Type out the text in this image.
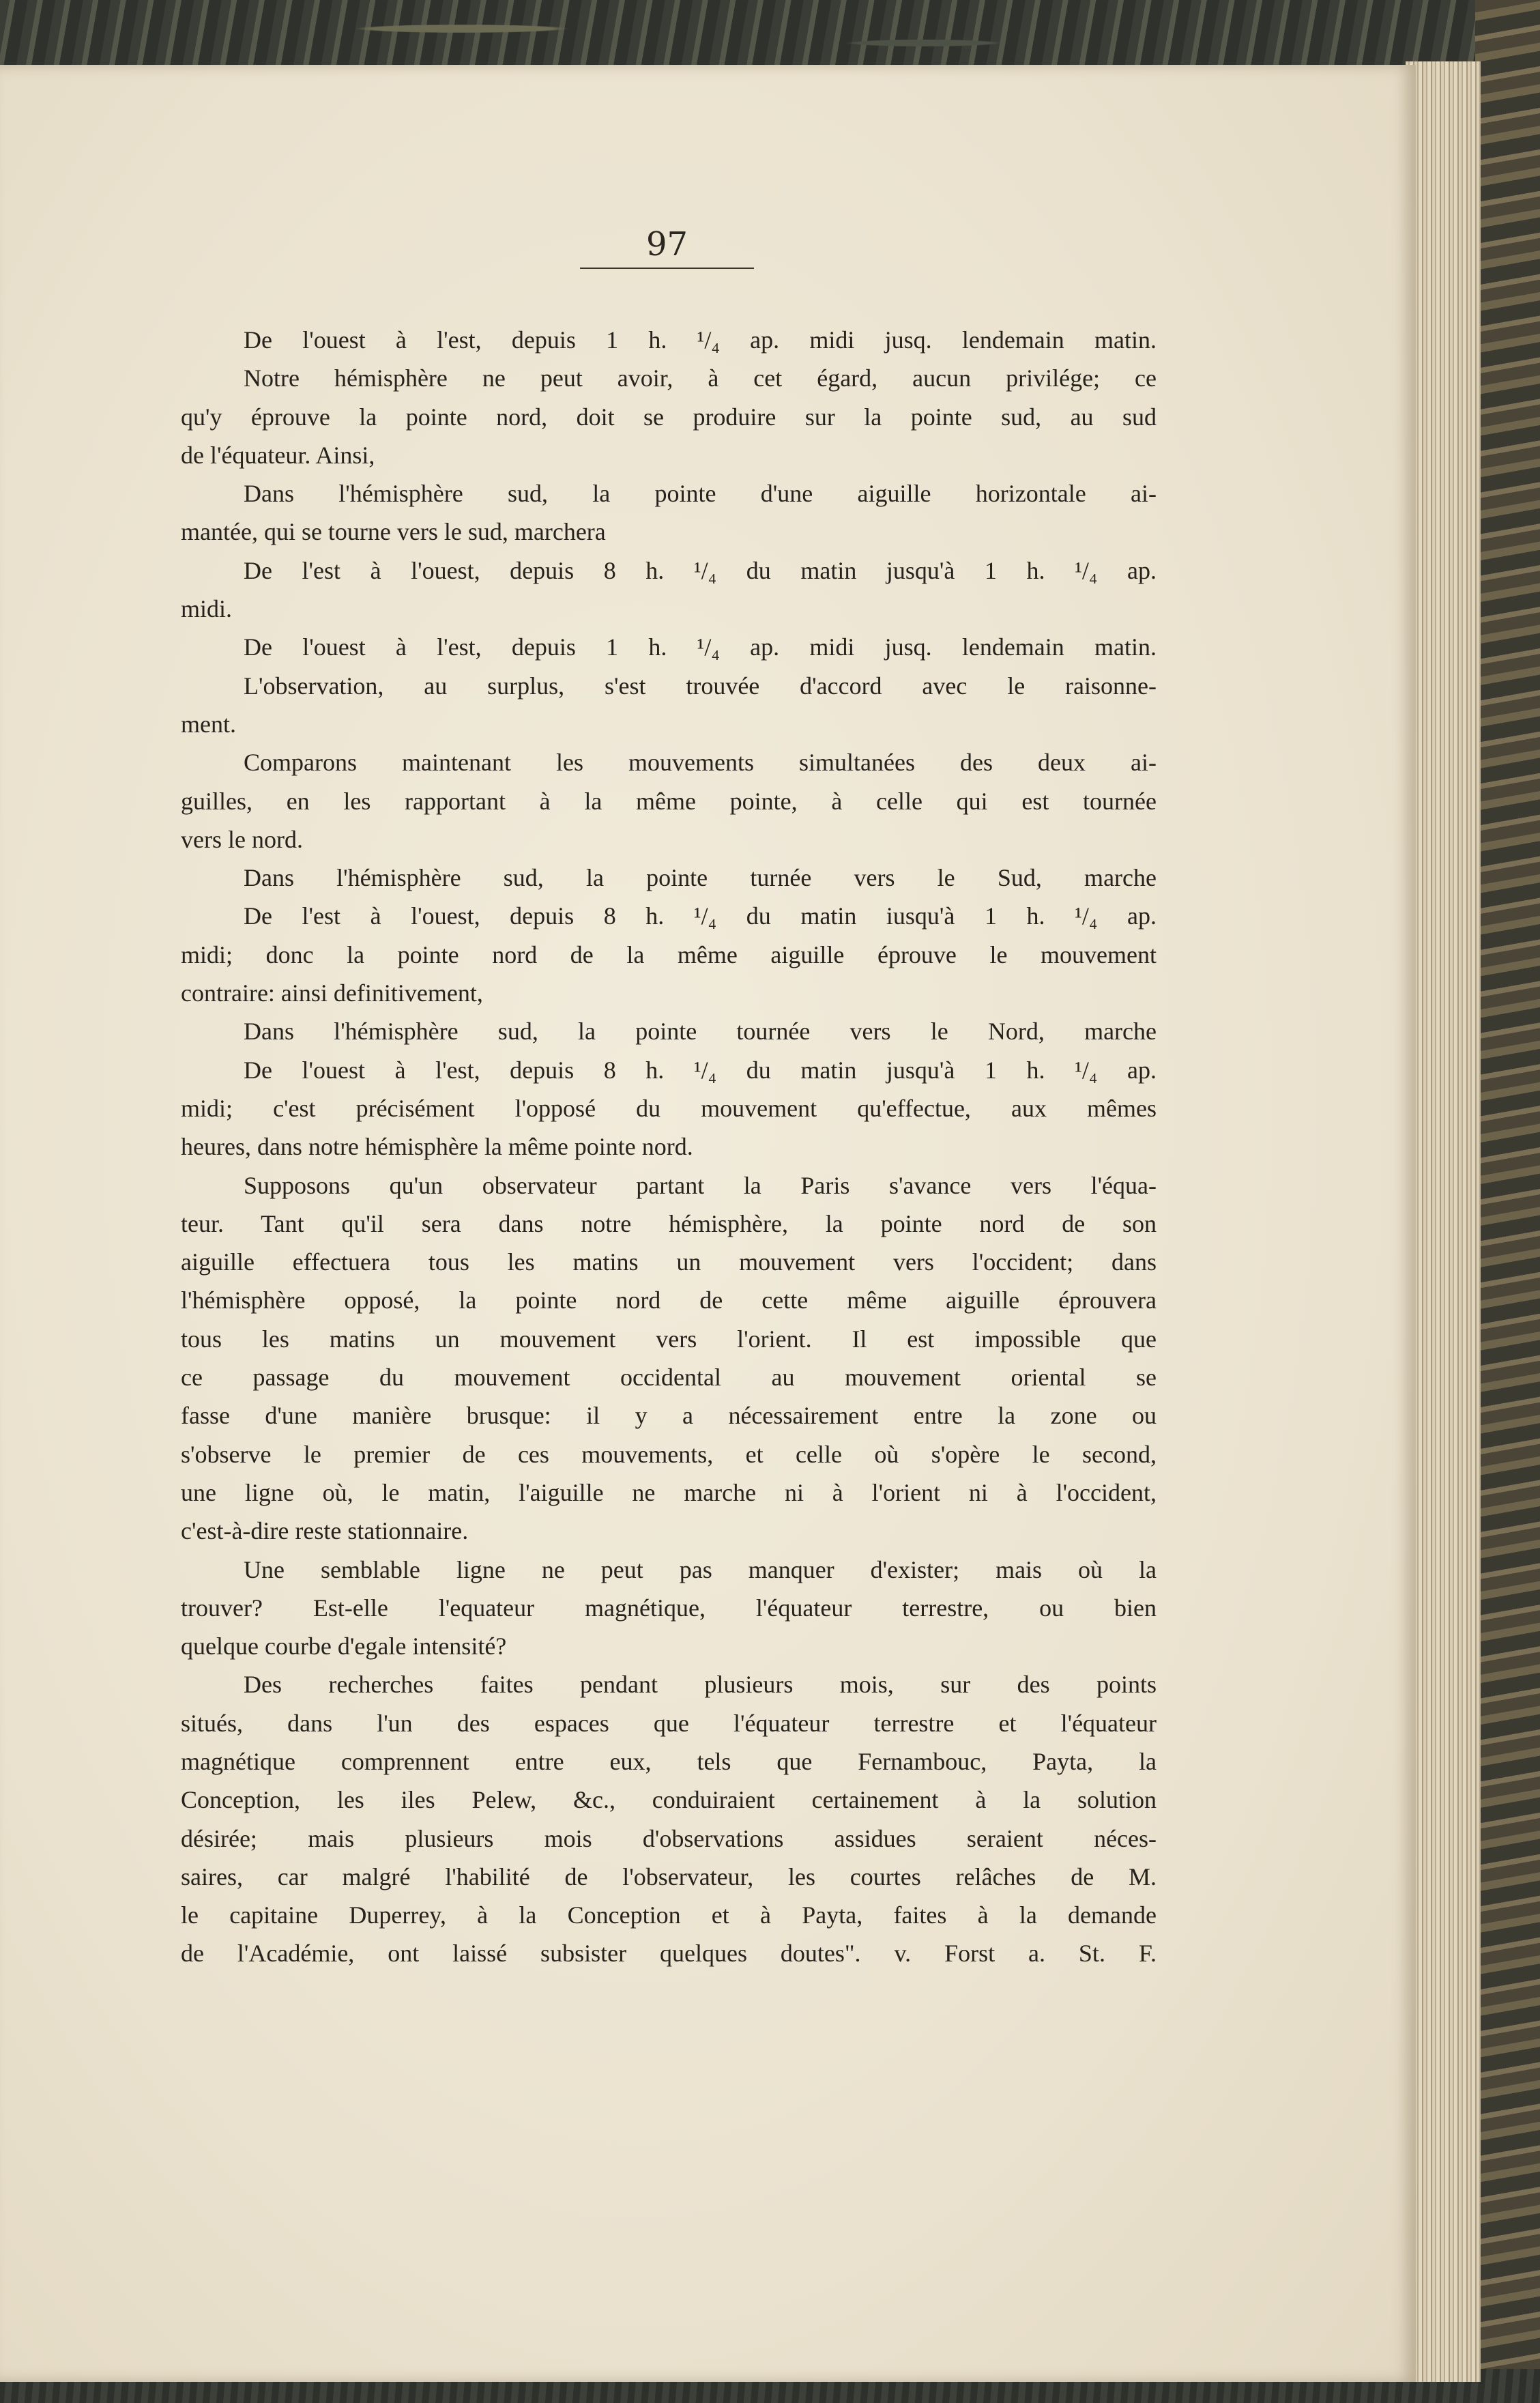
97
De l'ouest à l'est, depuis 1 h. ¹/₄ ap. midi jusq. lendemain matin.
Notre hémisphère ne peut avoir, à cet égard, aucun privilége; ce
qu'y éprouve la pointe nord, doit se produire sur la pointe sud, au sud
de l'équateur. Ainsi,
Dans l'hémisphère sud, la pointe d'une aiguille horizontale ai-
mantée, qui se tourne vers le sud, marchera
De l'est à l'ouest, depuis 8 h. ¹/₄ du matin jusqu'à 1 h. ¹/₄ ap.
midi.
De l'ouest à l'est, depuis 1 h. ¹/₄ ap. midi jusq. lendemain matin.
L'observation, au surplus, s'est trouvée d'accord avec le raisonne-
ment.
Comparons maintenant les mouvements simultanées des deux ai-
guilles, en les rapportant à la même pointe, à celle qui est tournée
vers le nord.
Dans l'hémisphère sud, la pointe turnée vers le Sud, marche
De l'est à l'ouest, depuis 8 h. ¹/₄ du matin iusqu'à 1 h. ¹/₄ ap.
midi; donc la pointe nord de la même aiguille éprouve le mouvement
contraire: ainsi definitivement,
Dans l'hémisphère sud, la pointe tournée vers le Nord, marche
De l'ouest à l'est, depuis 8 h. ¹/₄ du matin jusqu'à 1 h. ¹/₄ ap.
midi; c'est précisément l'opposé du mouvement qu'effectue, aux mêmes
heures, dans notre hémisphère la même pointe nord.
Supposons qu'un observateur partant la Paris s'avance vers l'équa-
teur. Tant qu'il sera dans notre hémisphère, la pointe nord de son
aiguille effectuera tous les matins un mouvement vers l'occident; dans
l'hémisphère opposé, la pointe nord de cette même aiguille éprouvera
tous les matins un mouvement vers l'orient. Il est impossible que
ce passage du mouvement occidental au mouvement oriental se
fasse d'une manière brusque: il y a nécessairement entre la zone ou
s'observe le premier de ces mouvements, et celle où s'opère le second,
une ligne où, le matin, l'aiguille ne marche ni à l'orient ni à l'occident,
c'est-à-dire reste stationnaire.
Une semblable ligne ne peut pas manquer d'exister; mais où la
trouver? Est-elle l'equateur magnétique, l'équateur terrestre, ou bien
quelque courbe d'egale intensité?
Des recherches faites pendant plusieurs mois, sur des points
situés, dans l'un des espaces que l'équateur terrestre et l'équateur
magnétique comprennent entre eux, tels que Fernambouc, Payta, la
Conception, les iles Pelew, &c., conduiraient certainement à la solution
désirée; mais plusieurs mois d'observations assidues seraient néces-
saires, car malgré l'habilité de l'observateur, les courtes relâches de M.
le capitaine Duperrey, à la Conception et à Payta, faites à la demande
de l'Académie, ont laissé subsister quelques doutes". v. Forst a. St. F.
